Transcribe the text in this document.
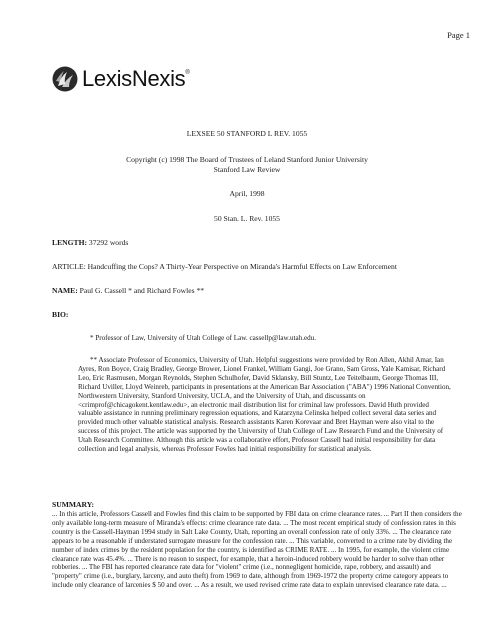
Page 1
LexisNexis®
LEXSEE 50 STANFORD L REV. 1055
Copyright (c) 1998 The Board of Trustees of Leland Stanford Junior University
Stanford Law Review
April, 1998
50 Stan. L. Rev. 1055
LENGTH: 37292 words
ARTICLE: Handcuffing the Cops? A Thirty-Year Perspective on Miranda's Harmful Effects on Law Enforcement
NAME: Paul G. Cassell * and Richard Fowles **
BIO:

* Professor of Law, University of Utah College of Law. cassellp@law.utah.edu.

** Associate Professor of Economics, University of Utah. Helpful suggestions were provided by Ron Allen, Akhil Amar, Ian Ayres, Ron Boyce, Craig Bradley, George Brower, Lionel Frankel, William Gangi, Joe Grano, Sam Gross, Yale Kamisar, Richard Leo, Eric Rasmusen, Morgan Reynolds, Stephen Schulhofer, David Sklansky, Bill Stuntz, Lee Teitelbaum, George Thomas III, Richard Uviller, Lloyd Weinreb, participants in presentations at the American Bar Association ("ABA") 1996 National Convention, Northwestern University, Stanford University, UCLA, and the University of Utah, and discussants on <crimprof@chicagokent.kentlaw.edu>, an electronic mail distribution list for criminal law professors. David Huth provided valuable assistance in running preliminary regression equations, and Katarzyna Celinska helped collect several data series and provided much other valuable statistical analysis. Research assistants Karen Korevaar and Bret Hayman were also vital to the success of this project. The article was supported by the University of Utah College of Law Research Fund and the University of Utah Research Committee. Although this article was a collaborative effort, Professor Cassell had initial responsibility for data collection and legal analysis, whereas Professor Fowles had initial responsibility for statistical analysis.

SUMMARY:

... In this article, Professors Cassell and Fowles find this claim to be supported by FBI data on crime clearance rates. ... Part II then considers the only available long-term measure of Miranda's effects: crime clearance rate data. ... The most recent empirical study of confession rates in this country is the Cassell-Hayman 1994 study in Salt Lake County, Utah, reporting an overall confession rate of only 33%. ... The clearance rate appears to be a reasonable if understated surrogate measure for the confession rate. ... This variable, converted to a crime rate by dividing the number of index crimes by the resident population for the country, is identified as CRIME RATE. ... In 1995, for example, the violent crime clearance rate was 45.4%. ... There is no reason to suspect, for example, that a heroin-induced robbery would be harder to solve than other robberies. ... The FBI has reported clearance rate data for "violent" crime (i.e., nonnegligent homicide, rape, robbery, and assault) and "property" crime (i.e., burglary, larceny, and auto theft) from 1969 to date, although from 1969-1972 the property crime category appears to include only clearance of larcenies $ 50 and over. ... As a result, we used revised crime rate data to explain unrevised clearance rate data. ...
